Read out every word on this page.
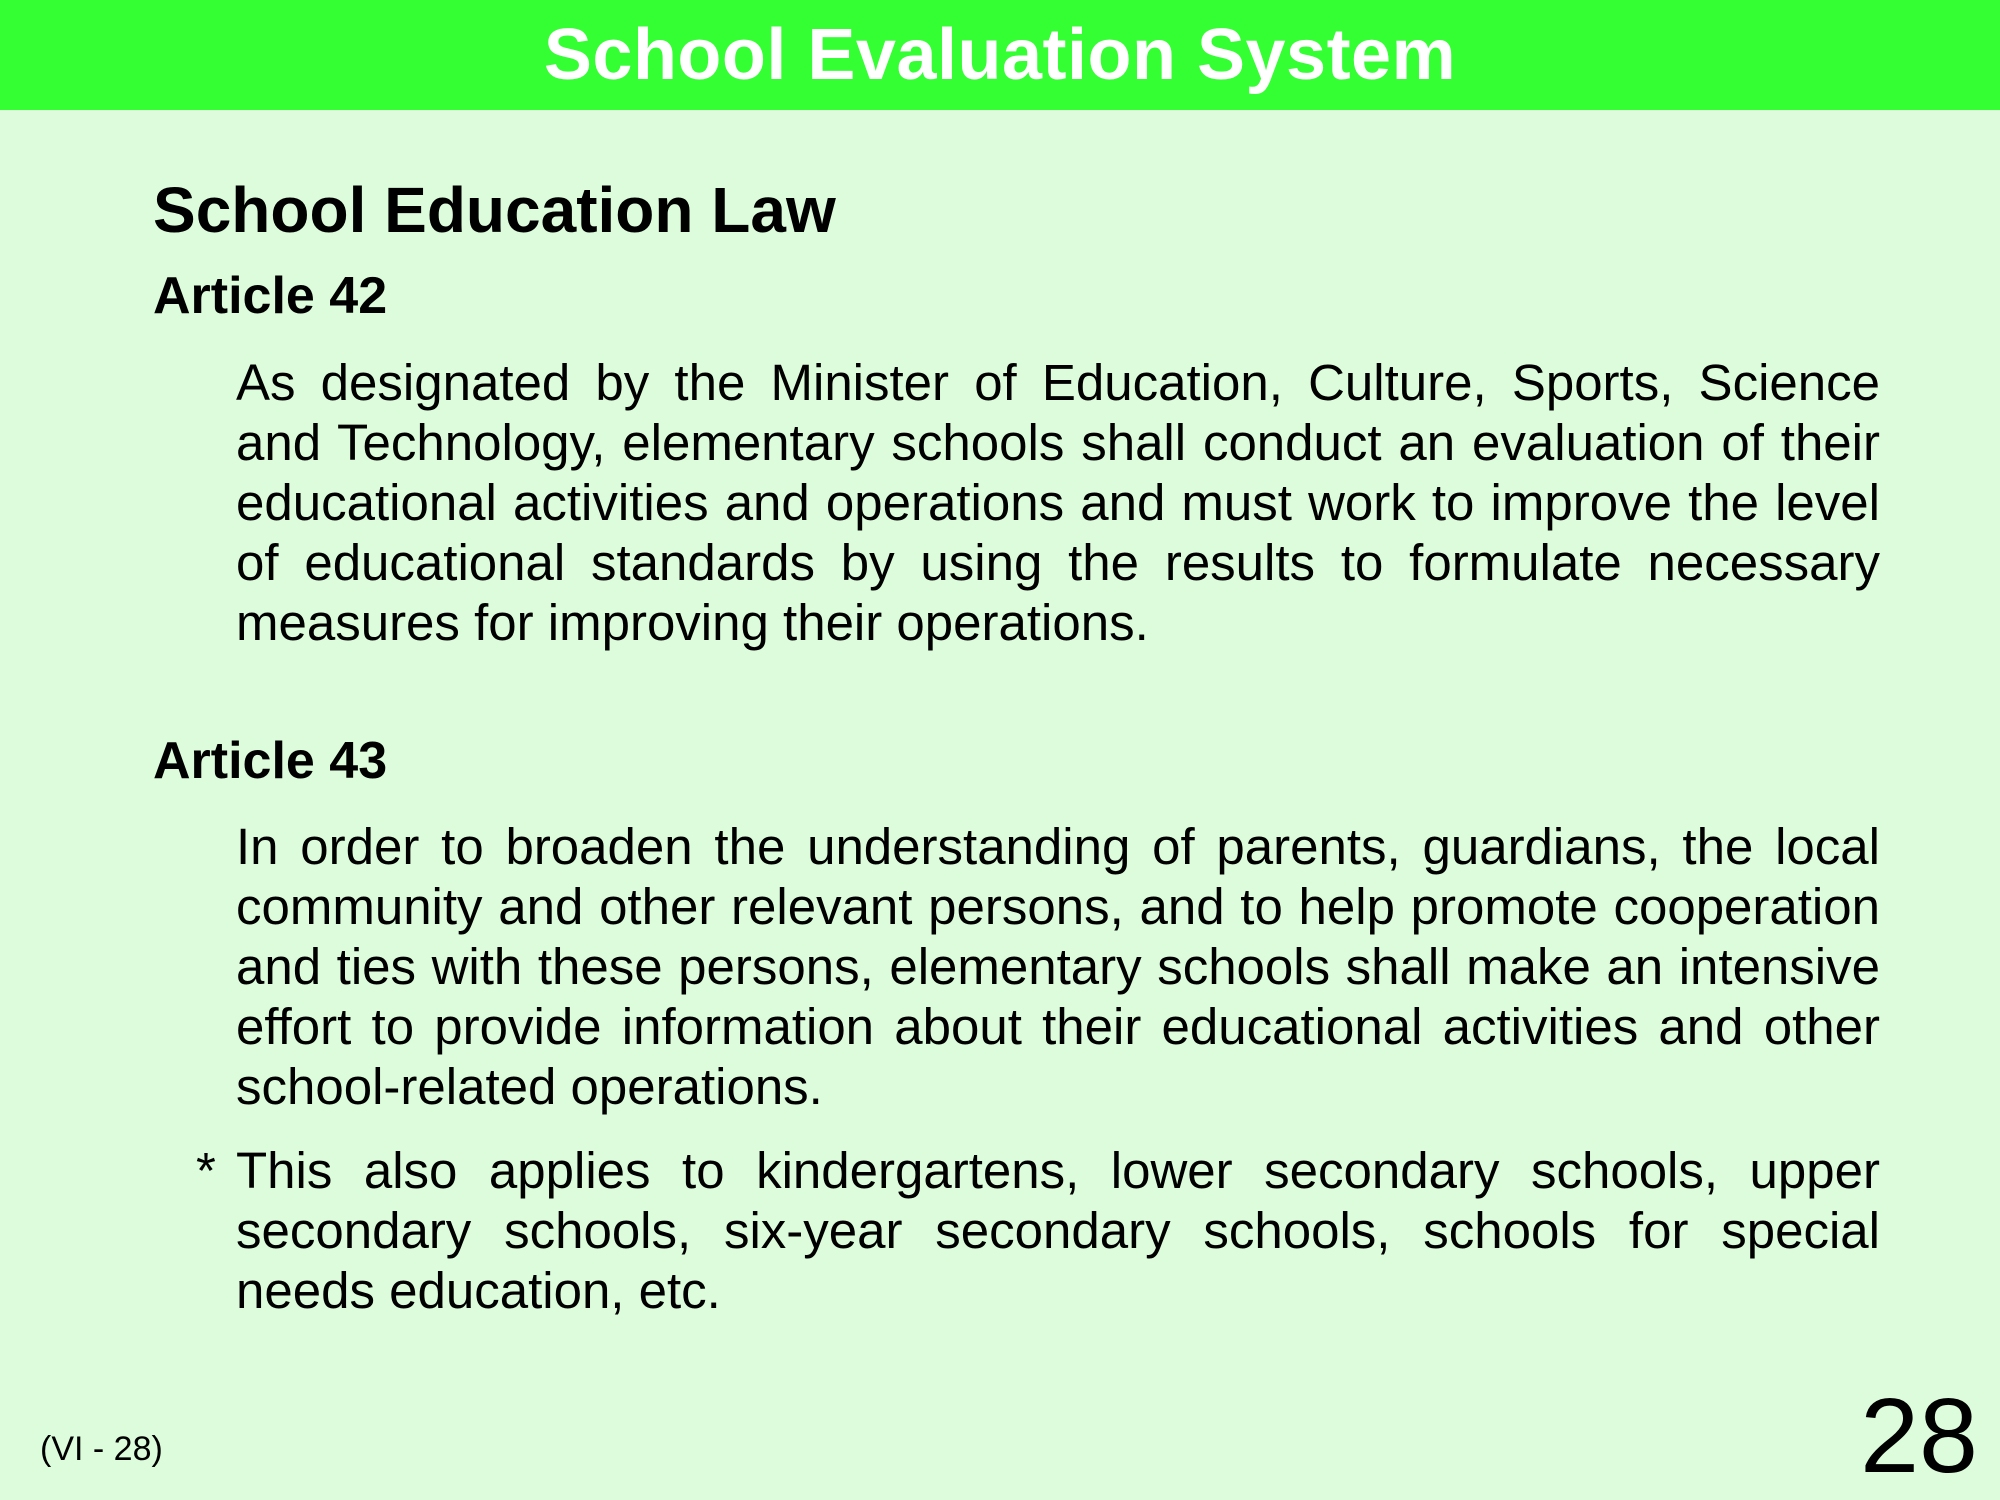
School Evaluation System
School Education Law
Article 42
As designated by the Minister of Education, Culture, Sports, Science and Technology, elementary schools shall conduct an evaluation of their educational activities and operations and must work to improve the level of educational standards by using the results to formulate necessary measures for improving their operations.
Article 43
In order to broaden the understanding of parents, guardians, the local community and other relevant persons, and to help promote cooperation and ties with these persons, elementary schools shall make an intensive effort to provide information about their educational activities and other school-related operations.
* This also applies to kindergartens, lower secondary schools, upper secondary schools, six-year secondary schools, schools for special needs education, etc.
(VI - 28)	28
